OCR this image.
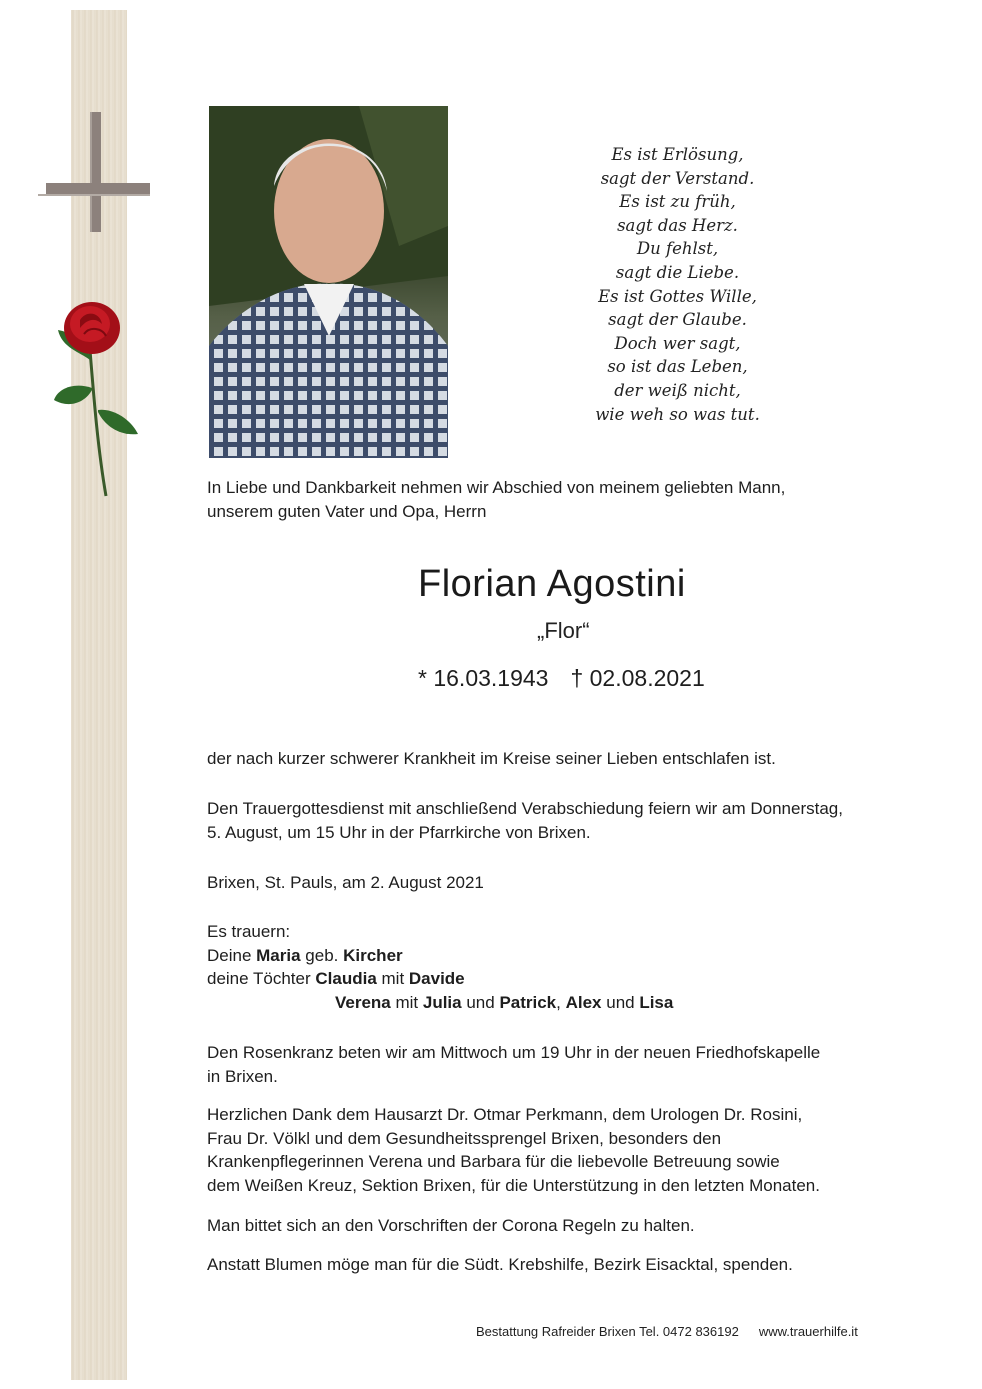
Es ist Erlösung,
sagt der Verstand.
Es ist zu früh,
sagt das Herz.
Du fehlst,
sagt die Liebe.
Es ist Gottes Wille,
sagt der Glaube.
Doch wer sagt,
so ist das Leben,
der weiß nicht,
wie weh so was tut.
In Liebe und Dankbarkeit nehmen wir Abschied von meinem geliebten Mann,
unserem guten Vater und Opa, Herrn
Florian Agostini
„Flor“
* 16.03.1943 † 02.08.2021
der nach kurzer schwerer Krankheit im Kreise seiner Lieben entschlafen ist.
Den Trauergottesdienst mit anschließend Verabschiedung feiern wir am Donnerstag,
5. August, um 15 Uhr in der Pfarrkirche von Brixen.
Brixen, St. Pauls, am 2. August 2021
Es trauern:
Deine Maria geb. Kircher
deine Töchter Claudia mit Davide
Verena mit Julia und Patrick, Alex und Lisa
Den Rosenkranz beten wir am Mittwoch um 19 Uhr in der neuen Friedhofskapelle
in Brixen.
Herzlichen Dank dem Hausarzt Dr. Otmar Perkmann, dem Urologen Dr. Rosini,
Frau Dr. Völkl und dem Gesundheitssprengel Brixen, besonders den
Krankenpflegerinnen Verena und Barbara für die liebevolle Betreuung sowie
dem Weißen Kreuz, Sektion Brixen, für die Unterstützung in den letzten Monaten.
Man bittet sich an den Vorschriften der Corona Regeln zu halten.
Anstatt Blumen möge man für die Südt. Krebshilfe, Bezirk Eisacktal, spenden.
Bestattung Rafreider Brixen Tel. 0472 836192 www.trauerhilfe.it
